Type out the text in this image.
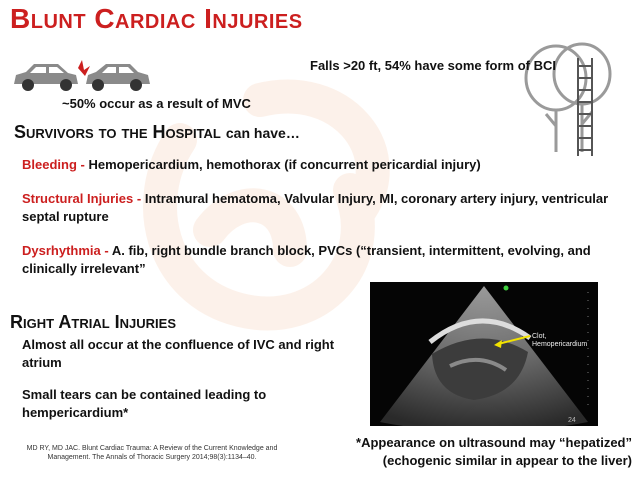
Blunt Cardiac Injuries
Falls >20 ft, 54% have some form of BCI
~50% occur as a result of MVC
Survivors to the Hospital can have…
Bleeding - Hemopericardium, hemothorax (if concurrent pericardial injury)
Structural Injuries - Intramural hematoma, Valvular Injury, MI, coronary artery injury, ventricular septal rupture
Dysrhythmia - A. fib, right bundle branch block, PVCs (“transient, intermittent, evolving, and clinically irrelevant”
Right Atrial Injuries
Almost all occur at the confluence of IVC and right atrium
Small tears can be contained leading to hempericardium*
Clot,
Hemopericardium
24
MD RY, MD JAC. Blunt Cardiac Trauma: A Review of the Current Knowledge and Management. The Annals of Thoracic Surgery 2014;98(3):1134–40.
*Appearance on ultrasound may “hepatized” (echogenic similar in appear to the liver)
